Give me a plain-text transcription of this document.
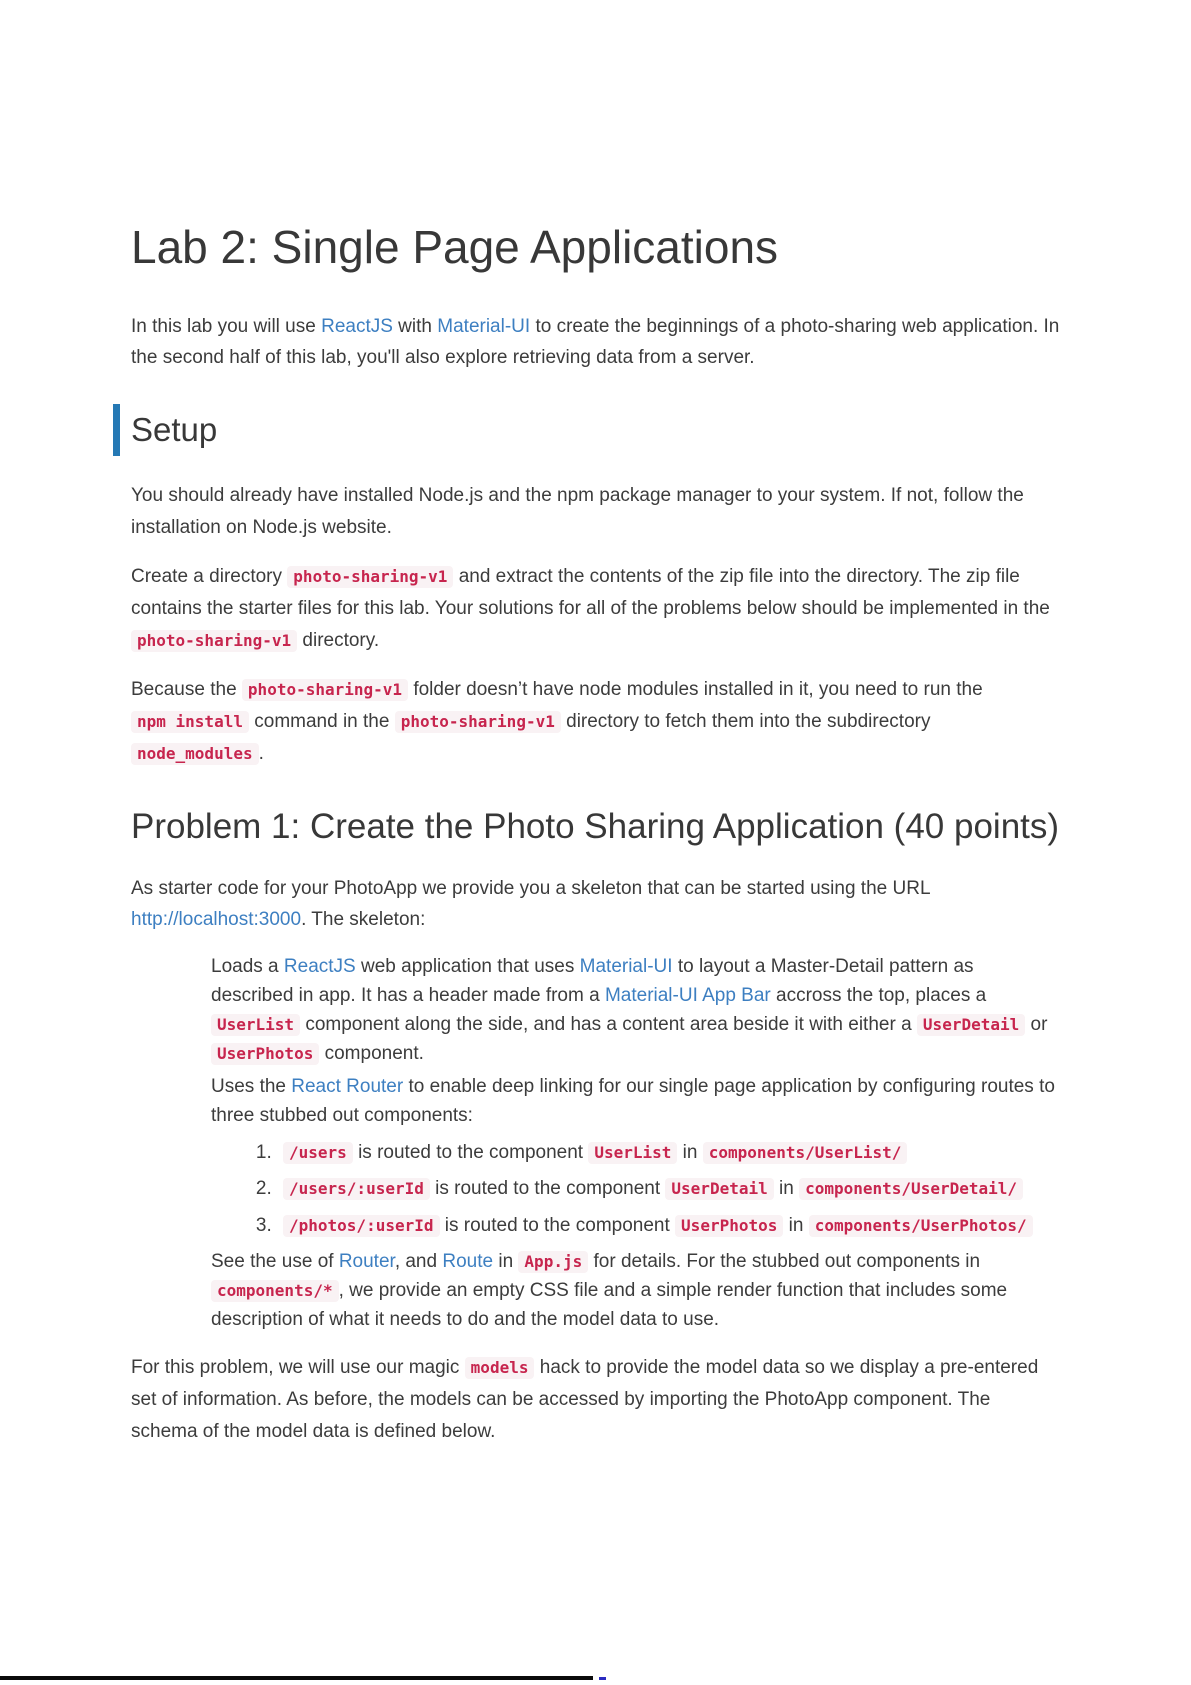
Lab 2: Single Page Applications

In this lab you will use ReactJS with Material-UI to create the beginnings of a photo-sharing web application. In the second half of this lab, you'll also explore retrieving data from a server.

Setup

You should already have installed Node.js and the npm package manager to your system. If not, follow the installation on Node.js website.

Create a directory photo-sharing-v1 and extract the contents of the zip file into the directory. The zip file contains the starter files for this lab. Your solutions for all of the problems below should be implemented in the photo-sharing-v1 directory.

Because the photo-sharing-v1 folder doesn’t have node modules installed in it, you need to run the npm install command in the photo-sharing-v1 directory to fetch them into the subdirectory node_modules .

Problem 1: Create the Photo Sharing Application (40 points)

As starter code for your PhotoApp we provide you a skeleton that can be started using the URL http://localhost:3000. The skeleton:

Loads a ReactJS web application that uses Material-UI to layout a Master-Detail pattern as described in app. It has a header made from a Material-UI App Bar accross the top, places a UserList component along the side, and has a content area beside it with either a UserDetail or UserPhotos component.
Uses the React Router to enable deep linking for our single page application by configuring routes to three stubbed out components:
1. /users is routed to the component UserList in components/UserList/
2. /users/:userId is routed to the component UserDetail in components/UserDetail/
3. /photos/:userId is routed to the component UserPhotos in components/UserPhotos/
See the use of Router, and Route in App.js for details. For the stubbed out components in components/* , we provide an empty CSS file and a simple render function that includes some description of what it needs to do and the model data to use.

For this problem, we will use our magic models hack to provide the model data so we display a pre-entered set of information. As before, the models can be accessed by importing the PhotoApp component. The schema of the model data is defined below.
